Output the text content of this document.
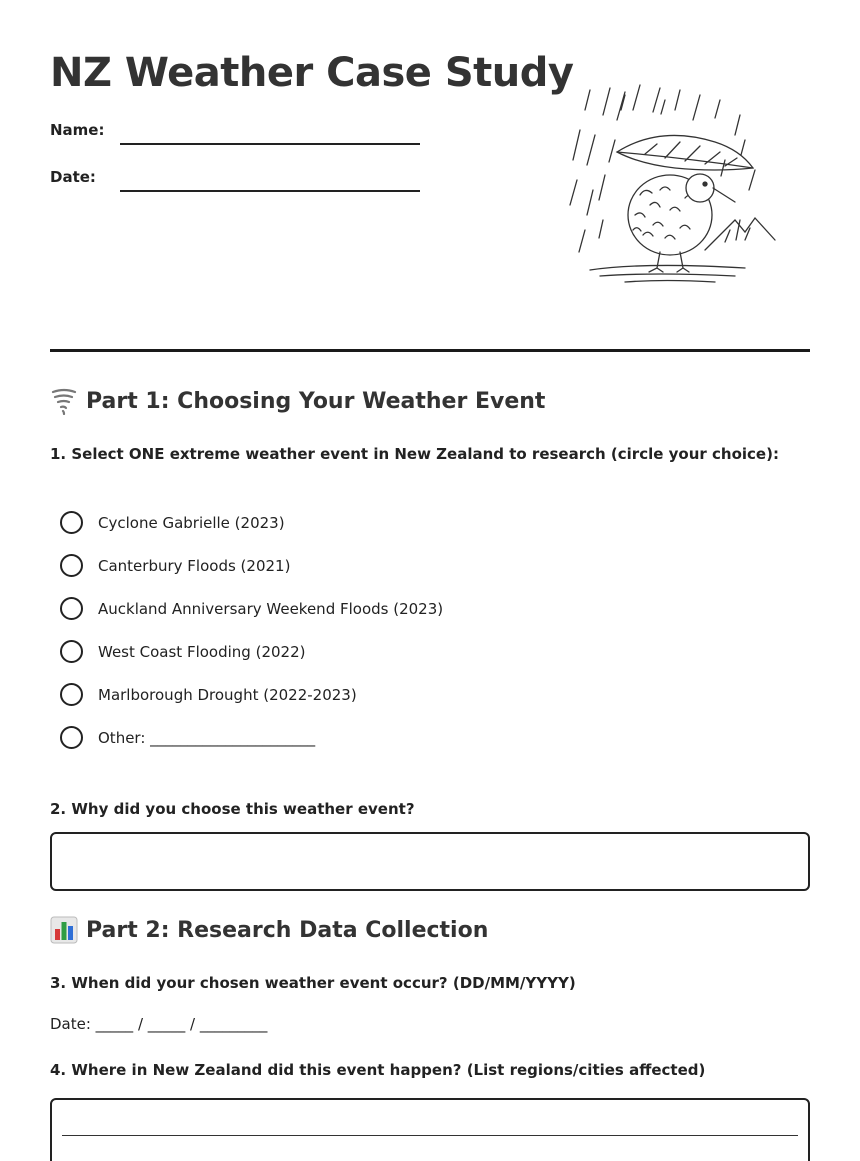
NZ Weather Case Study
Name:
Date:
Part 1: Choosing Your Weather Event
1. Select ONE extreme weather event in New Zealand to research (circle your choice):
Cyclone Gabrielle (2023)
Canterbury Floods (2021)
Auckland Anniversary Weekend Floods (2023)
West Coast Flooding (2022)
Marlborough Drought (2022-2023)
Other: ______________________
2. Why did you choose this weather event?
Part 2: Research Data Collection
3. When did your chosen weather event occur? (DD/MM/YYYY)
Date: _____ / _____ / _________
4. Where in New Zealand did this event happen? (List regions/cities affected)
